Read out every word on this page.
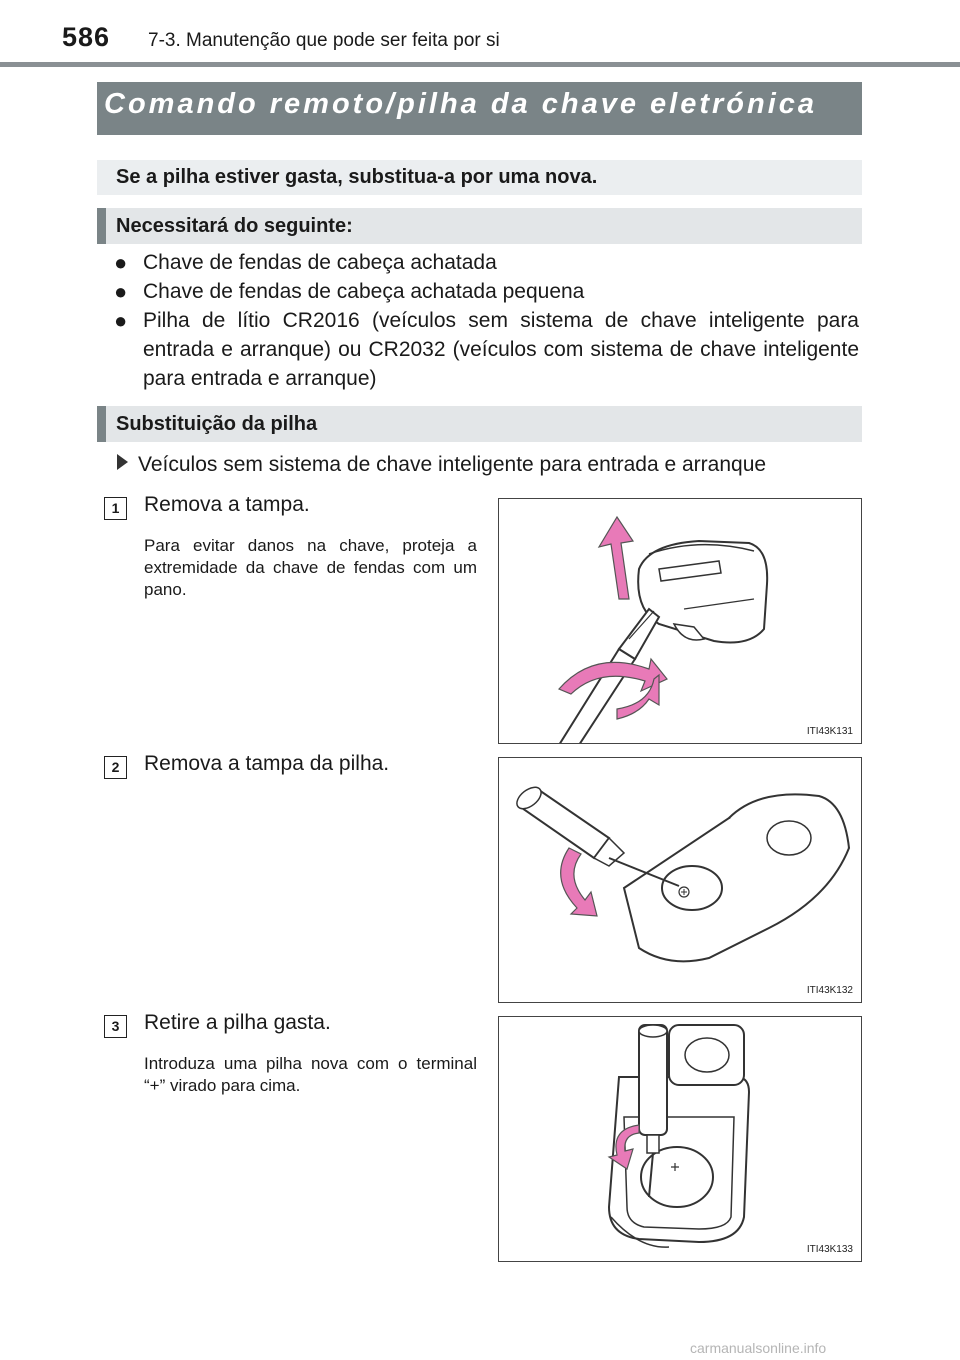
586 7-3. Manutenção que pode ser feita por si
Comando remoto/pilha da chave eletrónica
Se a pilha estiver gasta, substitua-a por uma nova.
Necessitará do seguinte:
● Chave de fendas de cabeça achatada
● Chave de fendas de cabeça achatada pequena
● Pilha de lítio CR2016 (veículos sem sistema de chave inteligente para entrada e arranque) ou CR2032 (veículos com sistema de chave inteligente para entrada e arranque)
Substituição da pilha
Veículos sem sistema de chave inteligente para entrada e arranque
1	Remova a tampa.
Para evitar danos na chave, proteja a extremidade da chave de fendas com um pano.
ITI43K131
2	Remova a tampa da pilha.
ITI43K132
3	Retire a pilha gasta.
Introduza uma pilha nova com o terminal “+” virado para cima.
ITI43K133
carmanualsonline.info
